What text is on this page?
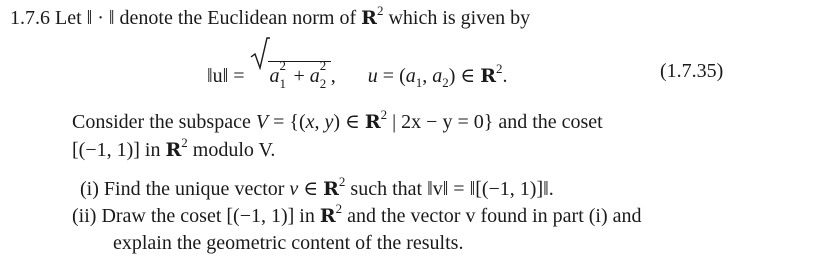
1.7.6 Let ‖ · ‖ denote the Euclidean norm of $R^2$ which is given by
‖u‖ = a 2
1 + a 2
2 ,  $u = (a_1$, $a_2$) ∈ $R^2$.	(1.7.35)
Consider the subspace V = {(x, y) ∈ $R^2$ | 2x − y = 0} and the coset
[(−1, 1)] in $R^2$ modulo V.
(i) Find the unique vector v ∈ $R^2$ such that ‖v‖ = ‖[(−1, 1)]‖.
(ii) Draw the coset [(−1, 1)] in $R^2$ and the vector v found in part (i) and
explain the geometric content of the results.
